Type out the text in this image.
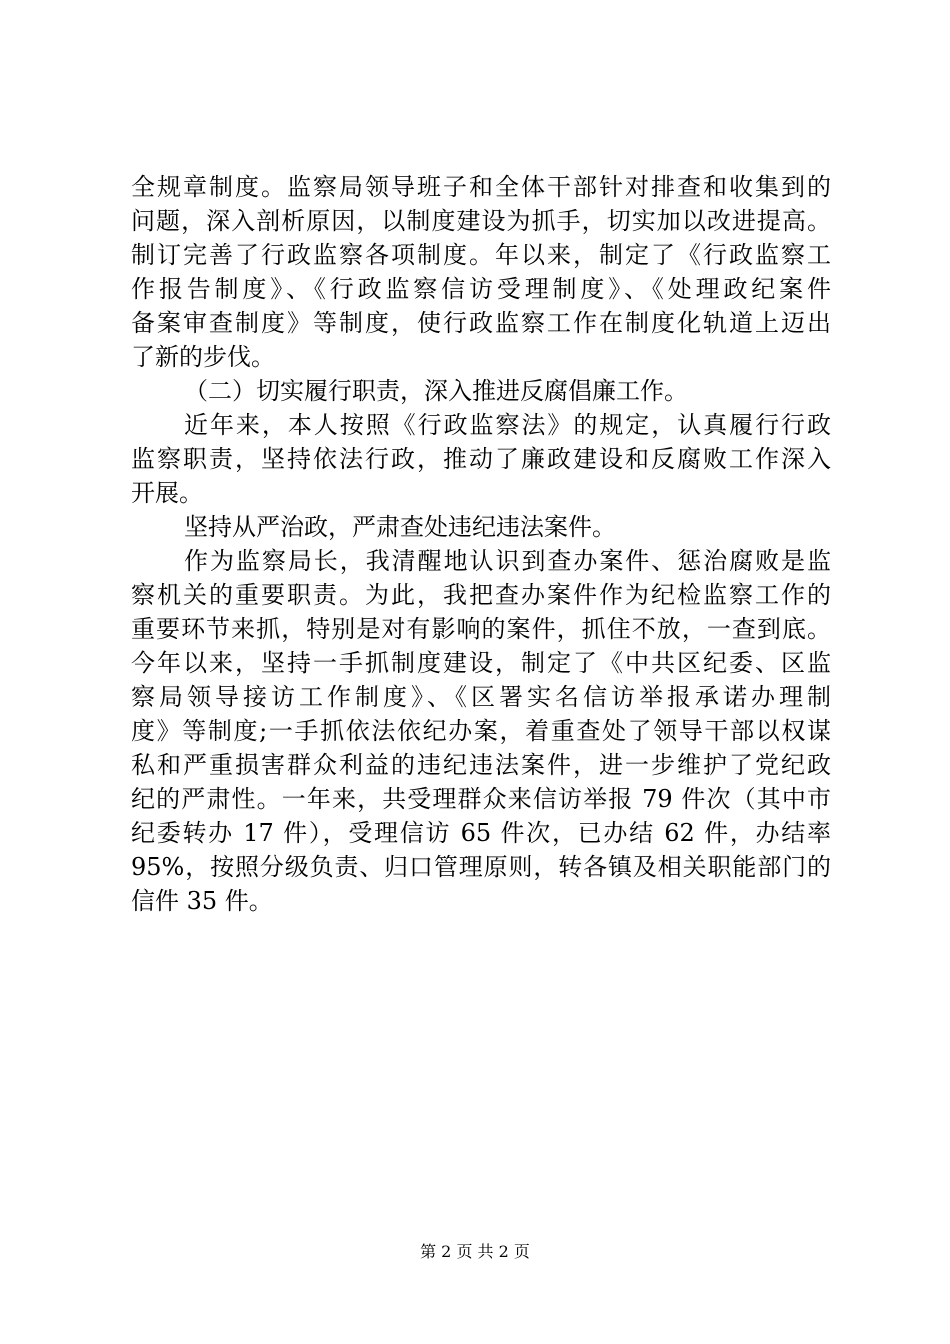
全规章制度。监察局领导班子和全体干部针对排查和收集到的
问题，深入剖析原因，以制度建设为抓手，切实加以改进提高。
制订完善了行政监察各项制度。年以来，制定了《行政监察工
作报告制度》、《行政监察信访受理制度》、《处理政纪案件
备案审查制度》等制度，使行政监察工作在制度化轨道上迈出
了新的步伐。
（二）切实履行职责，深入推进反腐倡廉工作。
近年来，本人按照《行政监察法》的规定，认真履行行政
监察职责，坚持依法行政，推动了廉政建设和反腐败工作深入
开展。
坚持从严治政，严肃查处违纪违法案件。
作为监察局长，我清醒地认识到查办案件、惩治腐败是监
察机关的重要职责。为此，我把查办案件作为纪检监察工作的
重要环节来抓，特别是对有影响的案件，抓住不放，一查到底。
今年以来，坚持一手抓制度建设，制定了《中共区纪委、区监
察局领导接访工作制度》、《区署实名信访举报承诺办理制
度》等制度;一手抓依法依纪办案，着重查处了领导干部以权谋
私和严重损害群众利益的违纪违法案件，进一步维护了党纪政
纪的严肃性。一年来，共受理群众来信访举报 79 件次（其中市
纪委转办 17 件），受理信访 65 件次，已办结 62 件，办结率
95%，按照分级负责、归口管理原则，转各镇及相关职能部门的
信件 35 件。
第 2 页 共 2 页
